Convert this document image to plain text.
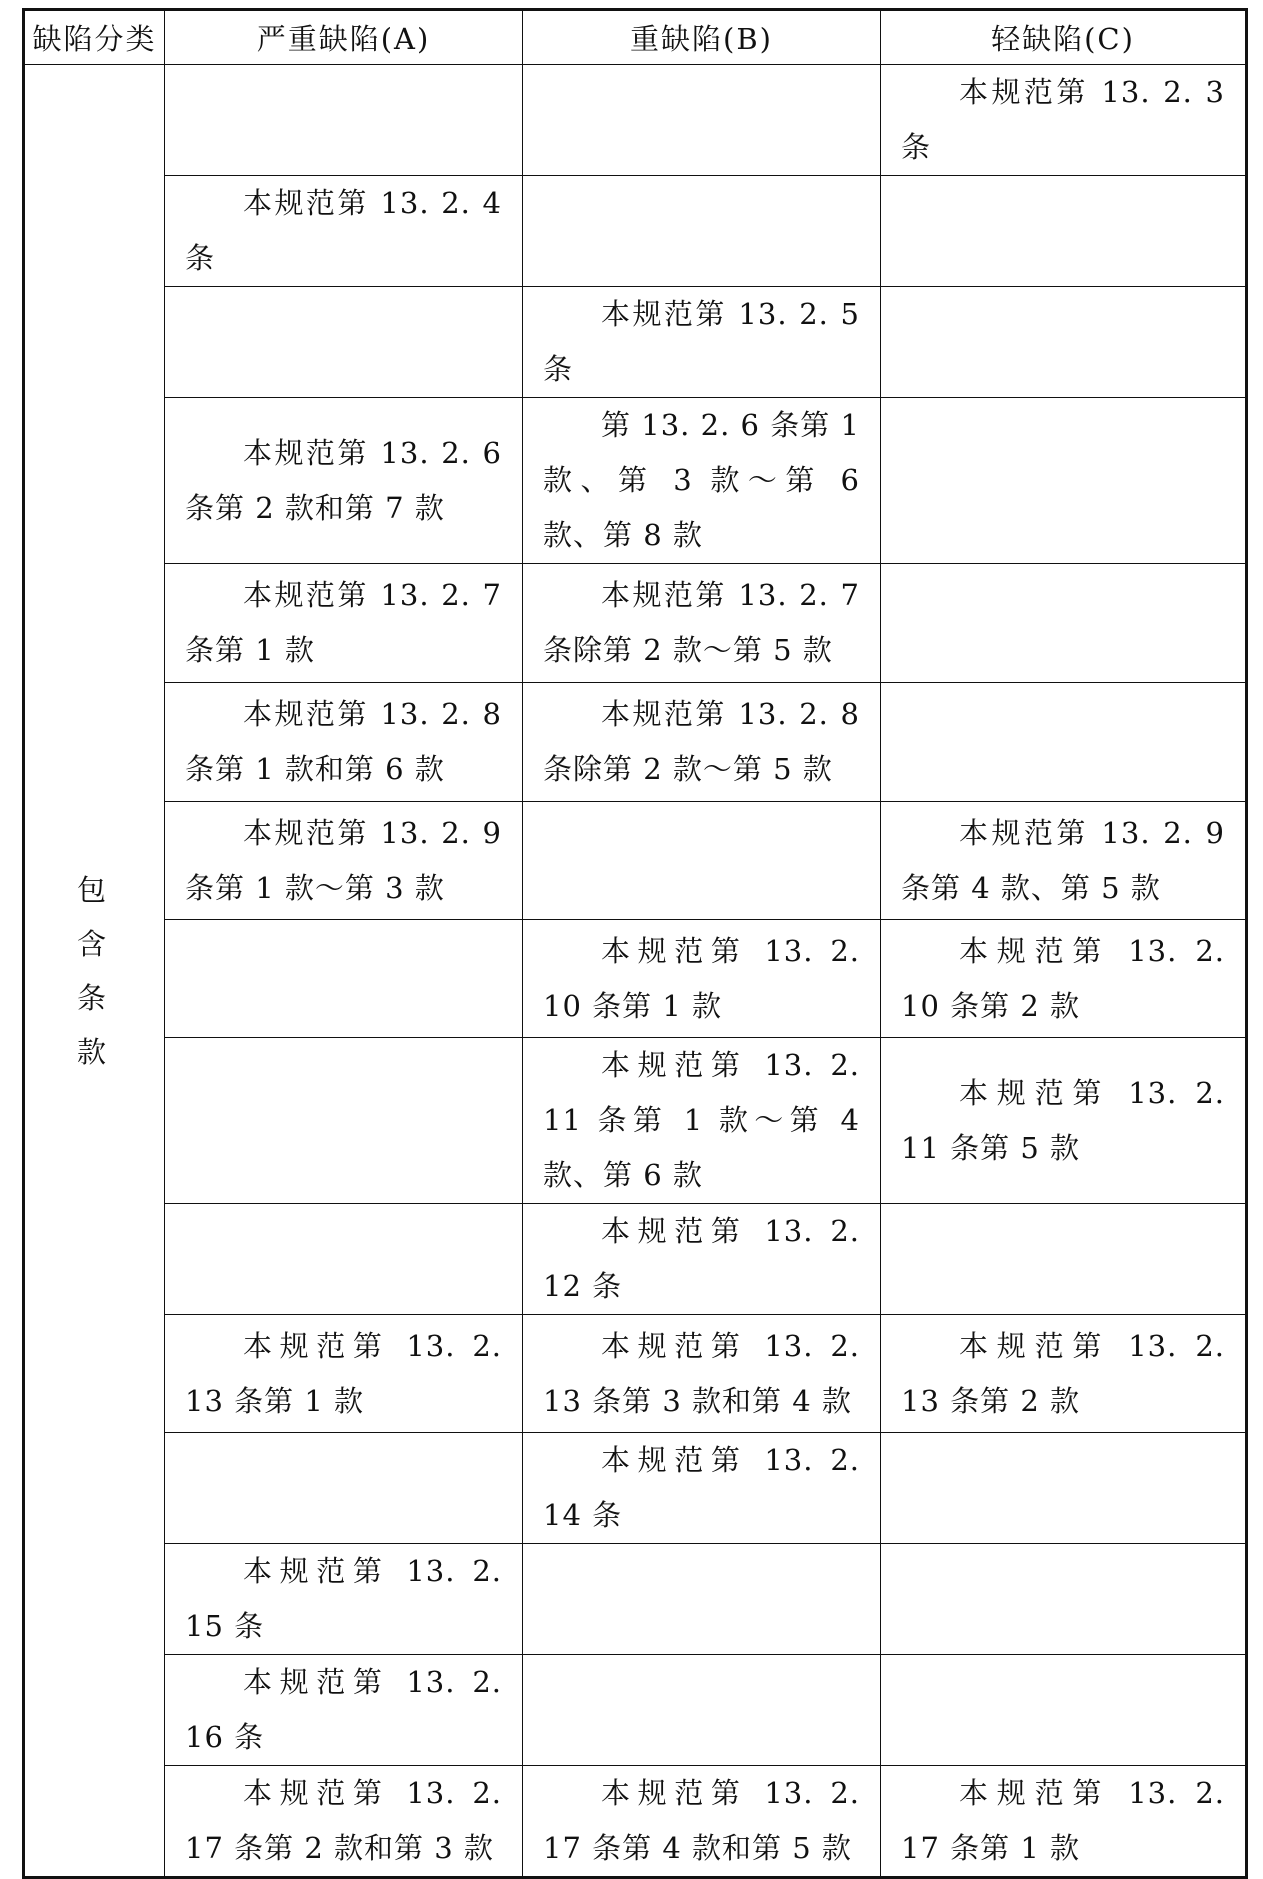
缺陷分类	严重缺陷(A)	重缺陷(B)	轻缺陷(C)

包含
条款			本规范第 13. 2. 3 条

	本规范第 13. 2. 4 条		

		本规范第 13. 2. 5 条	

	本规范第 13. 2. 6 条第 2 款和第 7 款	第 13. 2. 6 条第 1 款、第 3 款～第 6 款、第 8 款	

	本规范第 13. 2. 7 条第 1 款	本规范第 13. 2. 7 条除第 2 款～第 5 款	

	本规范第 13. 2. 8 条第 1 款和第 6 款	本规范第 13. 2. 8 条除第 2 款～第 5 款	

	本规范第 13. 2. 9 条第 1 款～第 3 款		本规范第 13. 2. 9 条第 4 款、第 5 款

		本规范第 13. 2. 10 条第 1 款	本规范第 13. 2. 10 条第 2 款

		本规范第 13. 2. 11 条第 1 款～第 4 款、第 6 款	本规范第 13. 2. 11 条第 5 款

		本规范第 13. 2. 12 条	

	本规范第 13. 2. 13 条第 1 款	本规范第 13. 2. 13 条第 3 款和第 4 款	本规范第 13. 2. 13 条第 2 款

		本规范第 13. 2. 14 条	

	本规范第 13. 2. 15 条		

	本规范第 13. 2. 16 条		

	本规范第 13. 2. 17 条第 2 款和第 3 款	本规范第 13. 2. 17 条第 4 款和第 5 款	本规范第 13. 2. 17 条第 1 款
